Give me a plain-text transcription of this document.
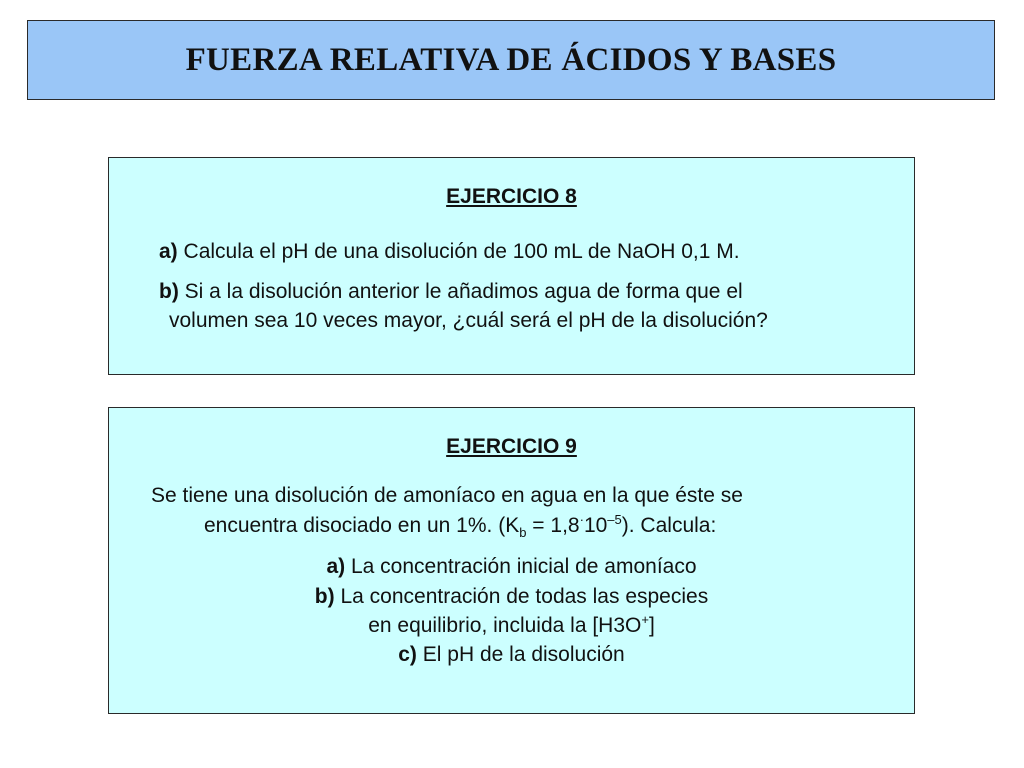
FUERZA RELATIVA DE ÁCIDOS Y BASES
EJERCICIO 8

a) Calcula el pH de una disolución de 100 mL de NaOH 0,1 M.

b) Si a la disolución anterior le añadimos agua de forma que el
volumen sea 10 veces mayor, ¿cuál será el pH de la disolución?

EJERCICIO 9

Se tiene una disolución de amoníaco en agua en la que éste se
encuentra disociado en un 1%. $(K_b = 1,8^\cdot 10^{-5})$. Calcula:

a) La concentración inicial de amoníaco
b) La concentración de todas las especies
en equilibrio, incluida la [H3O+]
c) El pH de la disolución
